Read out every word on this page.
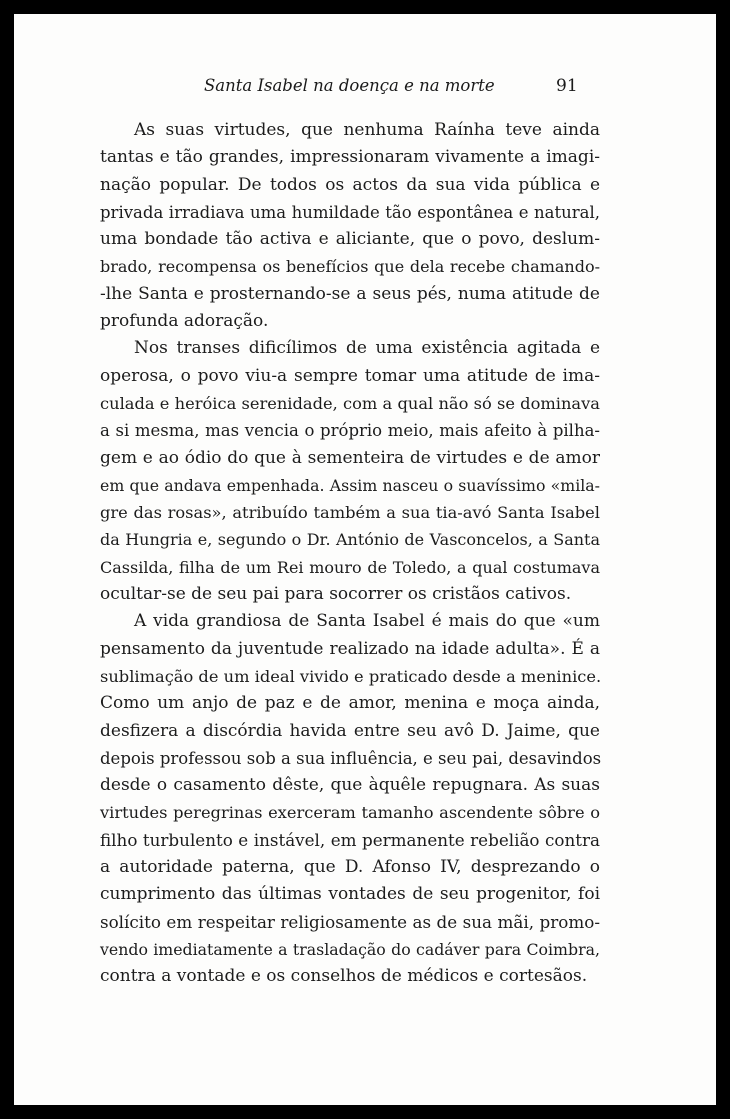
Santa Isabel na doença e na morte	91
As suas virtudes, que nenhuma Raínha teve ainda
tantas e tão grandes, impressionaram vivamente a imagi-
nação popular. De todos os actos da sua vida pública e
privada irradiava uma humildade tão espontânea e natural,
uma bondade tão activa e aliciante, que o povo, deslum-
brado, recompensa os benefícios que dela recebe chamando-
-lhe Santa e prosternando-se a seus pés, numa atitude de
profunda adoração.
Nos transes dificílimos de uma existência agitada e
operosa, o povo viu-a sempre tomar uma atitude de ima-
culada e heróica serenidade, com a qual não só se dominava
a si mesma, mas vencia o próprio meio, mais afeito à pilha-
gem e ao ódio do que à sementeira de virtudes e de amor
em que andava empenhada. Assim nasceu o suavíssimo «mila-
gre das rosas», atribuído também a sua tia-avó Santa Isabel
da Hungria e, segundo o Dr. António de Vasconcelos, a Santa
Cassilda, filha de um Rei mouro de Toledo, a qual costumava
ocultar-se de seu pai para socorrer os cristãos cativos.
A vida grandiosa de Santa Isabel é mais do que «um
pensamento da juventude realizado na idade adulta». É a
sublimação de um ideal vivido e praticado desde a meninice.
Como um anjo de paz e de amor, menina e moça ainda,
desfizera a discórdia havida entre seu avô D. Jaime, que
depois professou sob a sua influência, e seu pai, desavindos
desde o casamento dêste, que àquêle repugnara. As suas
virtudes peregrinas exerceram tamanho ascendente sôbre o
filho turbulento e instável, em permanente rebelião contra
a autoridade paterna, que D. Afonso IV, desprezando o
cumprimento das últimas vontades de seu progenitor, foi
solícito em respeitar religiosamente as de sua mãi, promo-
vendo imediatamente a trasladação do cadáver para Coimbra,
contra a vontade e os conselhos de médicos e cortesãos.
